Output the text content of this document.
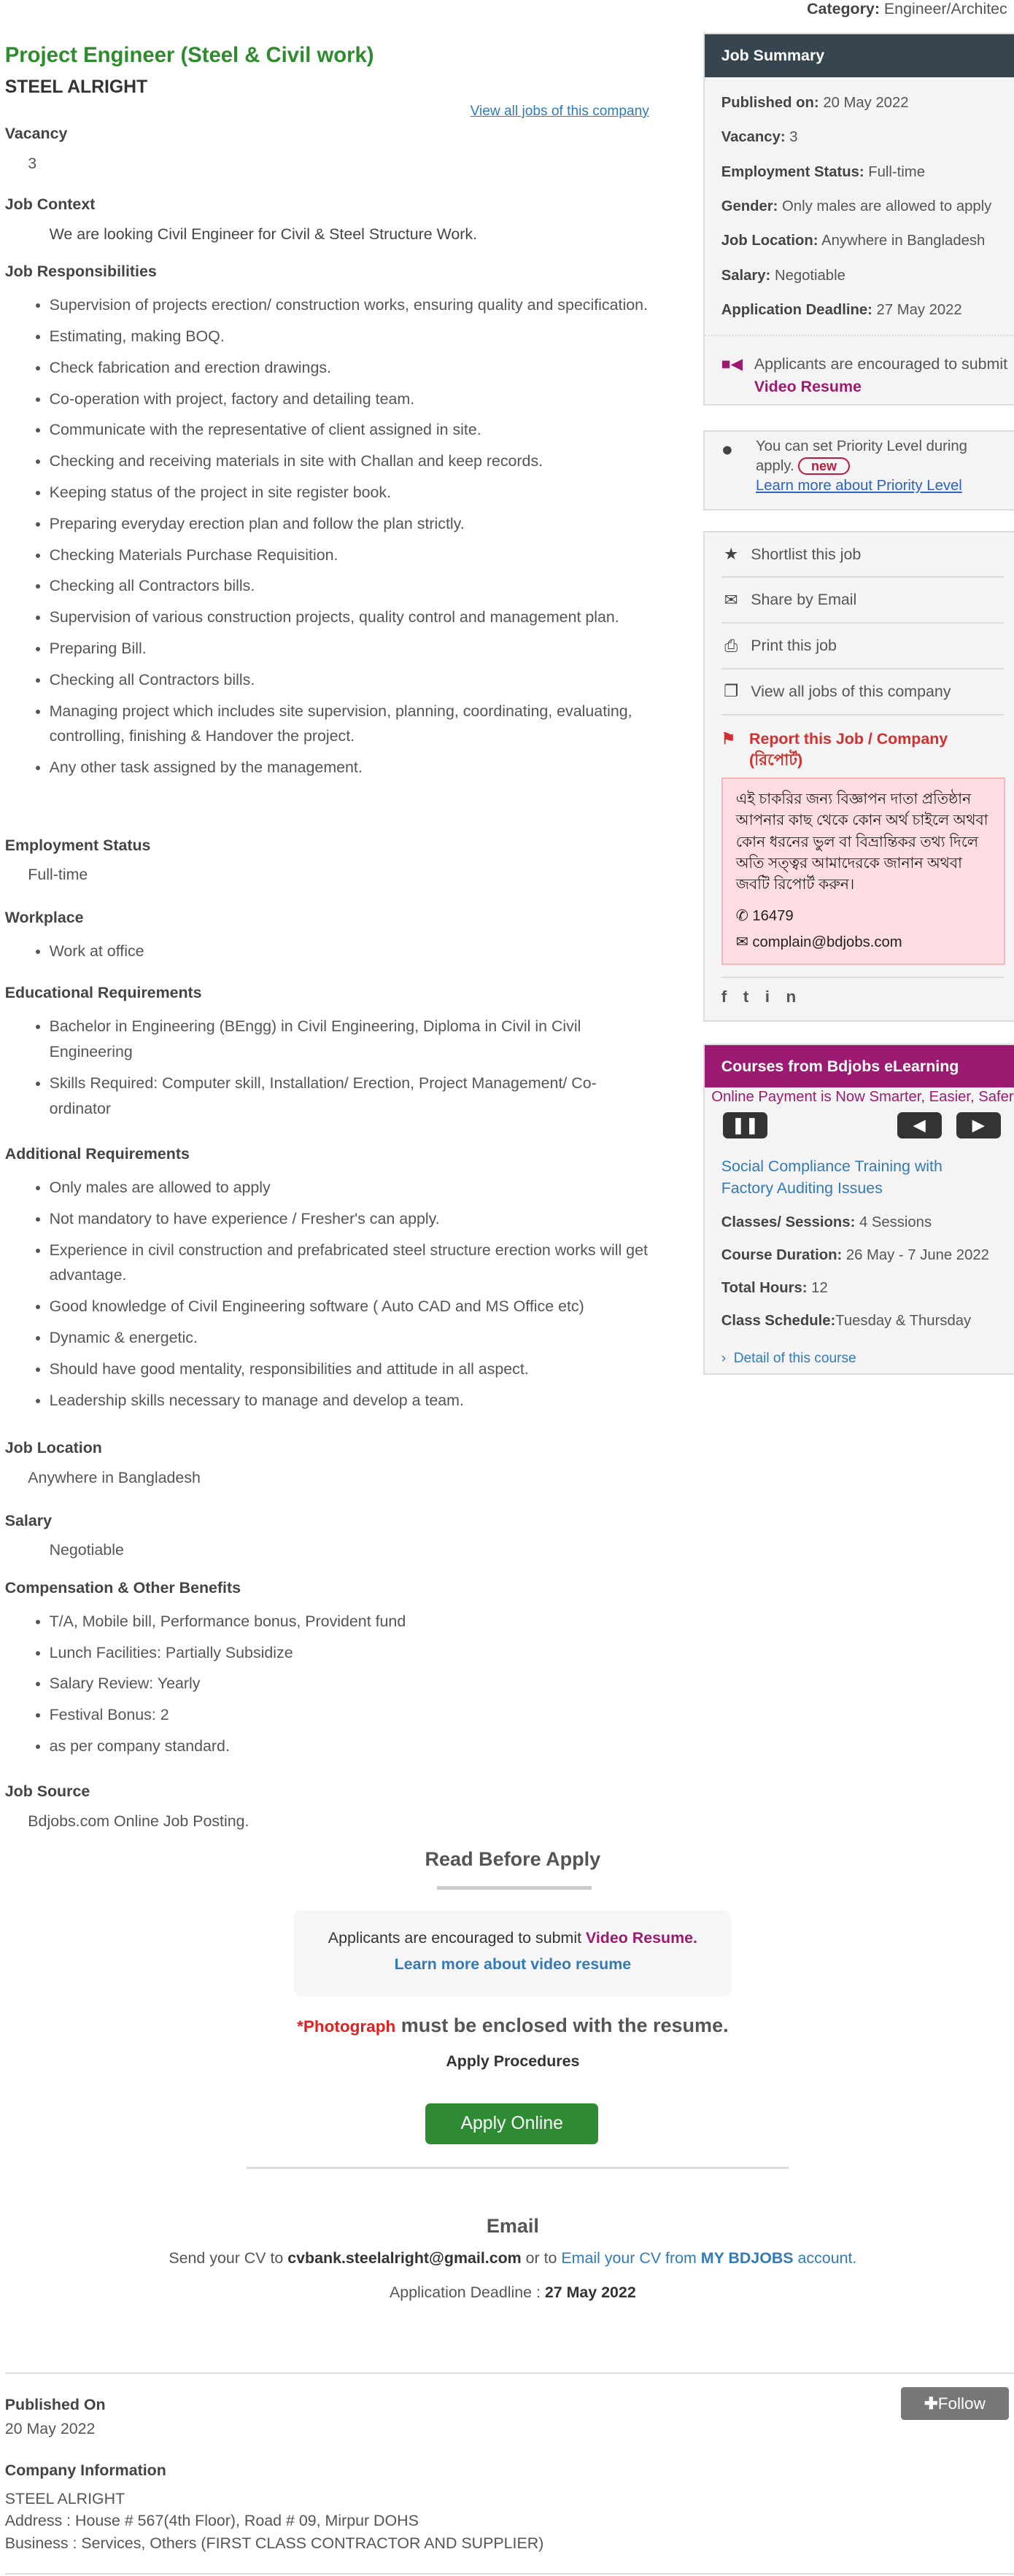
Category: Engineer/Architec
Project Engineer (Steel & Civil work)
STEEL ALRIGHT
View all jobs of this company
Vacancy
3
Job Context
We are looking Civil Engineer for Civil & Steel Structure Work.
Job Responsibilities
• Supervision of projects erection/ construction works, ensuring quality and specification.
• Estimating, making BOQ.
• Check fabrication and erection drawings.
• Co-operation with project, factory and detailing team.
• Communicate with the representative of client assigned in site.
• Checking and receiving materials in site with Challan and keep records.
• Keeping status of the project in site register book.
• Preparing everyday erection plan and follow the plan strictly.
• Checking Materials Purchase Requisition.
• Checking all Contractors bills.
• Supervision of various construction projects, quality control and management plan.
• Preparing Bill.
• Checking all Contractors bills.
• Managing project which includes site supervision, planning, coordinating, evaluating, controlling, finishing & Handover the project.
• Any other task assigned by the management.
Employment Status
Full-time
Workplace
• Work at office
Educational Requirements
• Bachelor in Engineering (BEngg) in Civil Engineering, Diploma in Civil in Civil Engineering
• Skills Required: Computer skill, Installation/ Erection, Project Management/ Co-ordinator
Additional Requirements
• Only males are allowed to apply
• Not mandatory to have experience / Fresher's can apply.
• Experience in civil construction and prefabricated steel structure erection works will get advantage.
• Good knowledge of Civil Engineering software ( Auto CAD and MS Office etc)
• Dynamic & energetic.
• Should have good mentality, responsibilities and attitude in all aspect.
• Leadership skills necessary to manage and develop a team.
Job Location
Anywhere in Bangladesh
Salary
Negotiable
Compensation & Other Benefits
• T/A, Mobile bill, Performance bonus, Provident fund
• Lunch Facilities: Partially Subsidize
• Salary Review: Yearly
• Festival Bonus: 2
• as per company standard.
Job Source
Bdjobs.com Online Job Posting.
Read Before Apply
Applicants are encouraged to submit Video Resume.
Learn more about video resume
*Photograph must be enclosed with the resume.
Apply Procedures
Apply Online
Email
Send your CV to cvbank.steelalright@gmail.com or to Email your CV from MY BDJOBS account.
Application Deadline : 27 May 2022
Published On
20 May 2022
✚Follow
Company Information
STEEL ALRIGHT
Address : House # 567(4th Floor), Road # 09, Mirpur DOHS
Business : Services, Others (FIRST CLASS CONTRACTOR AND SUPPLIER)
Job Summary
Published on: 20 May 2022
Vacancy: 3
Employment Status: Full-time
Gender: Only males are allowed to apply
Job Location: Anywhere in Bangladesh
Salary: Negotiable
Application Deadline: 27 May 2022
■◀ Applicants are encouraged to submit Video Resume
●	You can set Priority Level during apply.	new
Learn more about Priority Level
★	Shortlist this job
✉	Share by Email
⎙	Print this job
❐	View all jobs of this company
⚑	Report this Job / Company (রিপোর্ট)
এই চাকরির জন্য বিজ্ঞাপন দাতা প্রতিষ্ঠান আপনার কাছ থেকে কোন অর্থ চাইলে অথবা কোন ধরনের ভুল বা বিভ্রান্তিকর তথ্য দিলে অতি সত্ত্বর আমাদেরকে জানান অথবা জবটি রিপোর্ট করুন।
✆ 16479
✉ complain@bdjobs.com
ftin
Courses from Bdjobs eLearning
Online Payment is Now Smarter, Easier, Safer
❚❚	◀	▶
Social Compliance Training with Factory Auditing Issues
Classes/ Sessions: 4 Sessions
Course Duration: 26 May - 7 June 2022
Total Hours: 12
Class Schedule:Tuesday & Thursday
› Detail of this course
